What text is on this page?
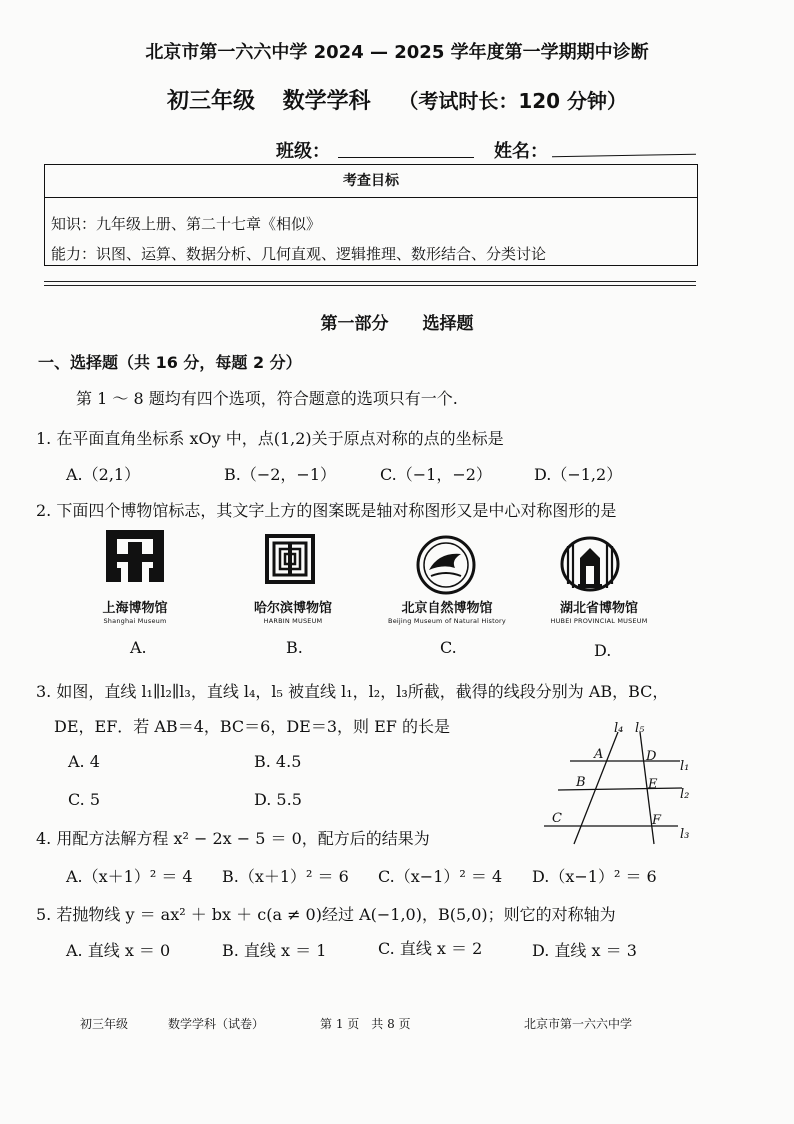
北京市第一六六中学 2024 — 2025 学年度第一学期期中诊断
初三年级 数学学科 （考试时长：120 分钟）
班级：	姓名：
考查目标
知识：九年级上册、第二十七章《相似》
能力：识图、运算、数据分析、几何直观、逻辑推理、数形结合、分类讨论
第一部分　　选择题
一、选择题（共 16 分，每题 2 分）
第 1 ～ 8 题均有四个选项，符合题意的选项只有一个.
1. 在平面直角坐标系 xOy 中，点(1,2)关于原点对称的点的坐标是
A.（2,1）	B.（−2，−1）	C.（−1，−2）	D.（−1,2）
2. 下面四个博物馆标志，其文字上方的图案既是轴对称图形又是中心对称图形的是
上海博物馆
Shanghai Museum
A.
哈尔滨博物馆
HARBIN MUSEUM
B.
北京自然博物馆
Beijing Museum of Natural History
C.
湖北省博物馆
HUBEI PROVINCIAL MUSEUM
D.
3. 如图，直线 l₁∥l₂∥l₃，直线 l₄，l₅ 被直线 l₁，l₂，l₃所截，截得的线段分别为 AB，BC，
DE，EF．若 AB＝4，BC＝6，DE＝3，则 EF 的长是
A. 4	B. 4.5
C. 5	D. 5.5
l₄ l₅
l₁
l₂
l₃
A	D
B	E
C	F
4. 用配方法解方程 x² − 2x − 5 ＝ 0，配方后的结果为
A.（x＋1）² ＝ 4 B.（x＋1）² ＝ 6 C.（x−1）² ＝ 4 D.（x−1）² ＝ 6
5. 若抛物线 y ＝ ax² ＋ bx ＋ c(a ≠ 0)经过 A(−1,0)，B(5,0)；则它的对称轴为
A. 直线 x ＝ 0	B. 直线 x ＝ 1	C. 直线 x ＝ 2	D. 直线 x ＝ 3
初三年级	数学学科（试卷）	第 1 页　共 8 页	北京市第一六六中学
